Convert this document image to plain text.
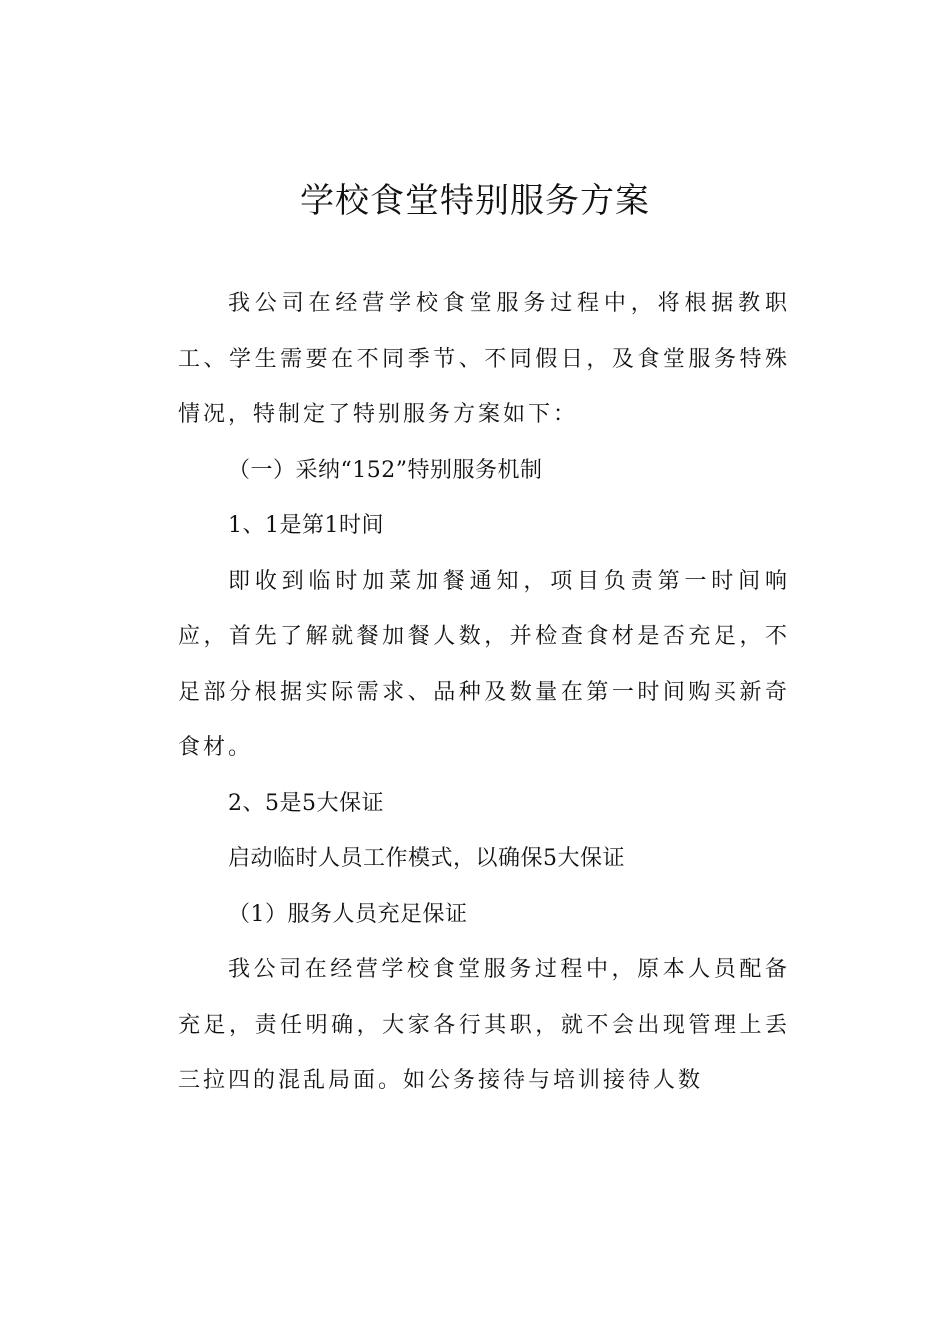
学校食堂特别服务方案

我公司在经营学校食堂服务过程中，将根据教职工、学生需要在不同季节、不同假日，及食堂服务特殊情况，特制定了特别服务方案如下：

（一）采纳“152”特别服务机制

1、1是第1时间

即收到临时加菜加餐通知，项目负责第一时间响应，首先了解就餐加餐人数，并检查食材是否充足，不足部分根据实际需求、品种及数量在第一时间购买新奇食材。

2、5是5大保证

启动临时人员工作模式，以确保5大保证

（1）服务人员充足保证

我公司在经营学校食堂服务过程中，原本人员配备充足，责任明确，大家各行其职，就不会出现管理上丢三拉四的混乱局面。如公务接待与培训接待人数
